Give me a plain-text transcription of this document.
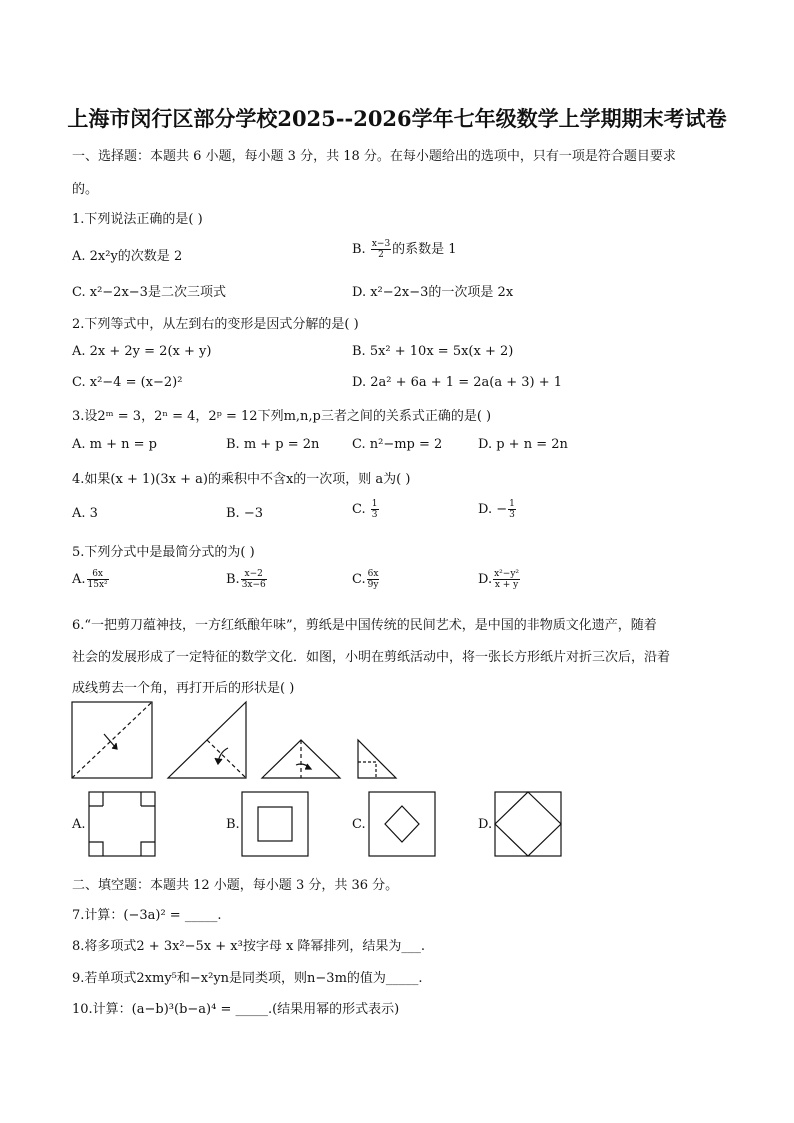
上海市闵行区部分学校2025--2026学年七年级数学上学期期末考试卷
一、选择题：本题共 6 小题，每小题 3 分，共 18 分。在每小题给出的选项中，只有一项是符合题目要求
的。
1.下列说法正确的是( )
A. 2x²y的次数是 2	B. $\frac{x-3}{2}$ 的系数是 1
C. x²−2x−3是二次三项式	D. x²−2x−3的一次项是 2x
2.下列等式中，从左到右的变形是因式分解的是( )
A. 2x + 2y = 2(x + y)	B. 5x² + 10x = 5x(x + 2)
C. x²−4 = (x−2)²	D. 2a² + 6a + 1 = 2a(a + 3) + 1
3.设2ᵐ = 3，2ⁿ = 4，2ᵖ = 12下列m,n,p三者之间的关系式正确的是( )
A. m + n = p	B. m + p = 2n	C. n²−mp = 2	D. p + n = 2n
4.如果(x + 1)(3x + a)的乘积中不含x的一次项，则 a为( )
A. 3	B. −3	C. $\frac{1}{3}$	D. − $\frac{1}{3}$
5.下列分式中是最简分式的为( )
A. $\frac{6x}{\text{15x²}}$	B. $\frac{x-2}{3x-6}$	C. $\frac{6x}{9y}$	D. $\frac{\text{x²−y²}}{x + y}$
6.“一把剪刀蕴神技，一方红纸酿年味”，剪纸是中国传统的民间艺术，是中国的非物质文化遗产，随着
社会的发展形成了一定特征的数学文化．如图，小明在剪纸活动中，将一张长方形纸片对折三次后，沿着
成线剪去一个角，再打开后的形状是( )
A.	B.	C.	D.
二、填空题：本题共 12 小题，每小题 3 分，共 36 分。
7.计算：(−3a)² = _____.
8.将多项式2 + 3x²−5x + x³按字母 x 降幂排列，结果为___.
9.若单项式2xmy⁵和−x²yn是同类项，则n−3m的值为_____.
10.计算：(a−b)³(b−a)⁴ = _____.(结果用幂的形式表示)
